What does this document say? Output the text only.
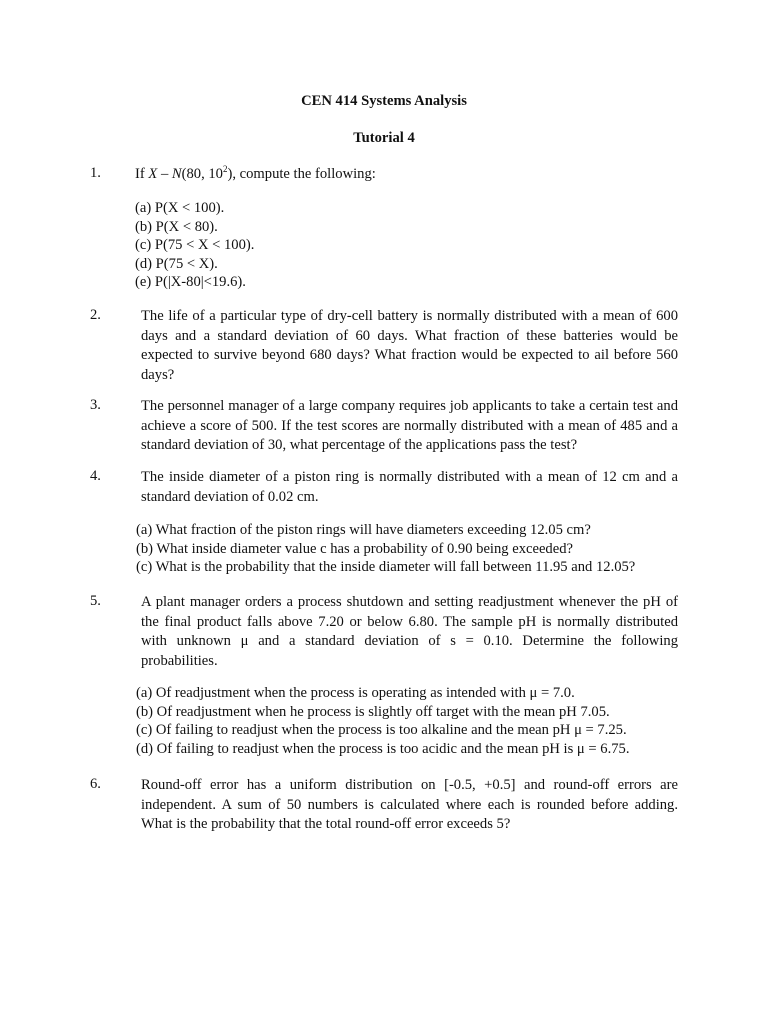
CEN 414 Systems Analysis
Tutorial 4
1. If X – N(80, $10^2$), compute the following:
(a) P(X < 100).
(b) P(X < 80).
(c) P(75 < X < 100).
(d) P(75 < X).
(e) P(|X-80|<19.6).
2.	The life of a particular type of dry-cell battery is normally distributed with a mean of 600 days and a standard deviation of 60 days. What fraction of these batteries would be expected to survive beyond 680 days? What fraction would be expected to ail before 560 days?
3.	The personnel manager of a large company requires job applicants to take a certain test and achieve a score of 500. If the test scores are normally distributed with a mean of 485 and a standard deviation of 30, what percentage of the applications pass the test?
4.	The inside diameter of a piston ring is normally distributed with a mean of 12 cm and a standard deviation of 0.02 cm.
(a) What fraction of the piston rings will have diameters exceeding 12.05 cm?
(b) What inside diameter value c has a probability of 0.90 being exceeded?
(c) What is the probability that the inside diameter will fall between 11.95 and 12.05?
5.	A plant manager orders a process shutdown and setting readjustment whenever the pH of the final product falls above 7.20 or below 6.80. The sample pH is normally distributed with unknown μ and a standard deviation of s = 0.10. Determine the following probabilities.
(a) Of readjustment when the process is operating as intended with μ = 7.0.
(b) Of readjustment when he process is slightly off target with the mean pH 7.05.
(c) Of failing to readjust when the process is too alkaline and the mean pH μ = 7.25.
(d) Of failing to readjust when the process is too acidic and the mean pH is μ = 6.75.
6.	Round-off error has a uniform distribution on [-0.5, +0.5] and round-off errors are independent. A sum of 50 numbers is calculated where each is rounded before adding. What is the probability that the total round-off error exceeds 5?
